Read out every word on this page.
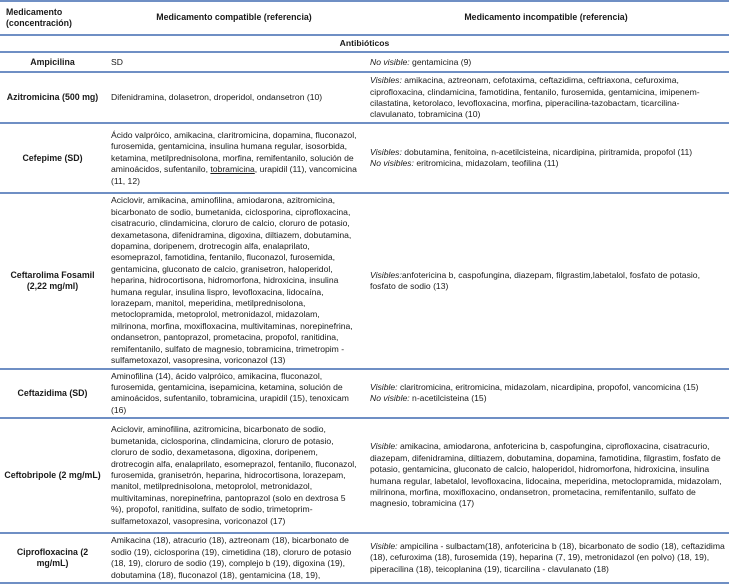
Medicamento (concentración)	Medicamento compatible (referencia)	Medicamento incompatible (referencia)
Antibióticos		
Ampicilina	SD	No visible: gentamicina (9)
Azitromicina (500 mg)	Difenidramina, dolasetron, droperidol, ondansetron (10)	Visibles: amikacina, aztreonam, cefotaxima, ceftazidima, ceftriaxona, cefuroxima, ciprofloxacina, clindamicina, famotidina, fentanilo, furosemida, gentamicina, imipenem-cilastatina, ketorolaco, levofloxacina, morfina, piperacilina-tazobactam, ticarcilina-clavulanato, tobramicina (10)
Cefepime (SD)	Ácido valpróico, amikacina, claritromicina, dopamina, fluconazol, furosemida, gentamicina, insulina humana regular, isosorbida, ketamina, metilprednisolona, morfina, remifentanilo, solución de aminoácidos, sufentanilo, tobramicina, urapidil (11), vancomicina (11, 12)	Visibles: dobutamina, fenitoina, n-acetilcisteina, nicardipina, piritramida, propofol (11)
No visibles: eritromicina, midazolam, teofilina (11)

Ceftarolima Fosamil (2,22 mg/ml)	Aciclovir, amikacina, aminofilina, amiodarona, azitromicina, bicarbonato de sodio, bumetanida, ciclosporina, ciprofloxacina, cisatracurio, clindamicina, cloruro de calcio, cloruro de potasio, dexametasona, difenidramina, digoxina, diltiazem, dobutamina, dopamina, doripenem, drotrecogin alfa, enalaprilato, esomeprazol, famotidina, fentanilo, fluconazol, furosemida, gentamicina, gluconato de calcio, granisetron, haloperidol, heparina, hidrocortisona, hidromorfona, hidroxicina, insulina humana regular, insulina lispro, levofloxacina, lidocaína, lorazepam, manitol, meperidina, metilprednisolona, metoclopramida, metoprolol, metronidazol, midazolam, milrinona, morfina, moxifloxacina, multivitaminas, norepinefrina, ondansetron, pantoprazol, prometacina, propofol, ranitidina, remifentanilo, sulfato de magnesio, tobramicina, trimetropim - sulfametoxazol, vasopresina, voriconazol (13)	Visibles:anfotericina b, caspofungina, diazepam, filgrastim,labetalol, fosfato de potasio, fosfato de sodio (13)
Ceftazidima (SD)	Aminofilina (14), ácido valpróico, amikacina, fluconazol, furosemida, gentamicina, isepamicina, ketamina, solución de aminoácidos, sufentanilo, tobramicina, urapidil (15), tenoxicam (16)	Visible: claritromicina, eritromicina, midazolam, nicardipina, propofol, vancomicina (15)
No visible: n-acetilcisteina (15)

Ceftobripole (2 mg/mL)	Aciclovir, aminofilina, azitromicina, bicarbonato de sodio, bumetanida, ciclosporina, clindamicina, cloruro de potasio, cloruro de sodio, dexametasona, digoxina, doripenem, drotrecogin alfa, enalaprilato, esomeprazol, fentanilo, fluconazol, furosemida, granisetrón, heparina, hidrocortisona, lorazepam, manitol, metilprednisolona, metoprolol, metronidazol, multivitaminas, norepinefrina, pantoprazol (solo en dextrosa 5 %), propofol, ranitidina, sulfato de sodio, trimetoprim- sulfametoxazol, vasopresina, voriconazol (17)	Visible: amikacina, amiodarona, anfotericina b, caspofungina, ciprofloxacina, cisatracurio, diazepam, difenidramina, diltiazem, dobutamina, dopamina, famotidina, filgrastim, fosfato de potasio, gentamicina, gluconato de calcio, haloperidol, hidromorfona, hidroxicina, insulina humana regular, labetalol, levofloxacina, lidocaina, meperidina, metoclopramida, midazolam, milrinona, morfina, moxifloxacino, ondansetron, prometacina, remifentanilo, sulfato de magnesio, tobramicina (17)
Ciprofloxacina (2 mg/mL)	Amikacina (18), atracurio (18), aztreonam (18), bicarbonato de sodio (19), ciclosporina (19), cimetidina (18), cloruro de potasio (18, 19), cloruro de sodio (19), complejo b (19), digoxina (19), dobutamina (18), fluconazol (18), gentamicina (18, 19),	Visible: ampicilina - sulbactam(18), anfotericina b (18), bicarbonato de sodio (18), ceftazidima (18), cefuroxima (18), furosemida (19), heparina (7, 19), metronidazol (en polvo) (18, 19), piperacilina (18), teicoplanina (19), ticarcilina - clavulanato (18)
